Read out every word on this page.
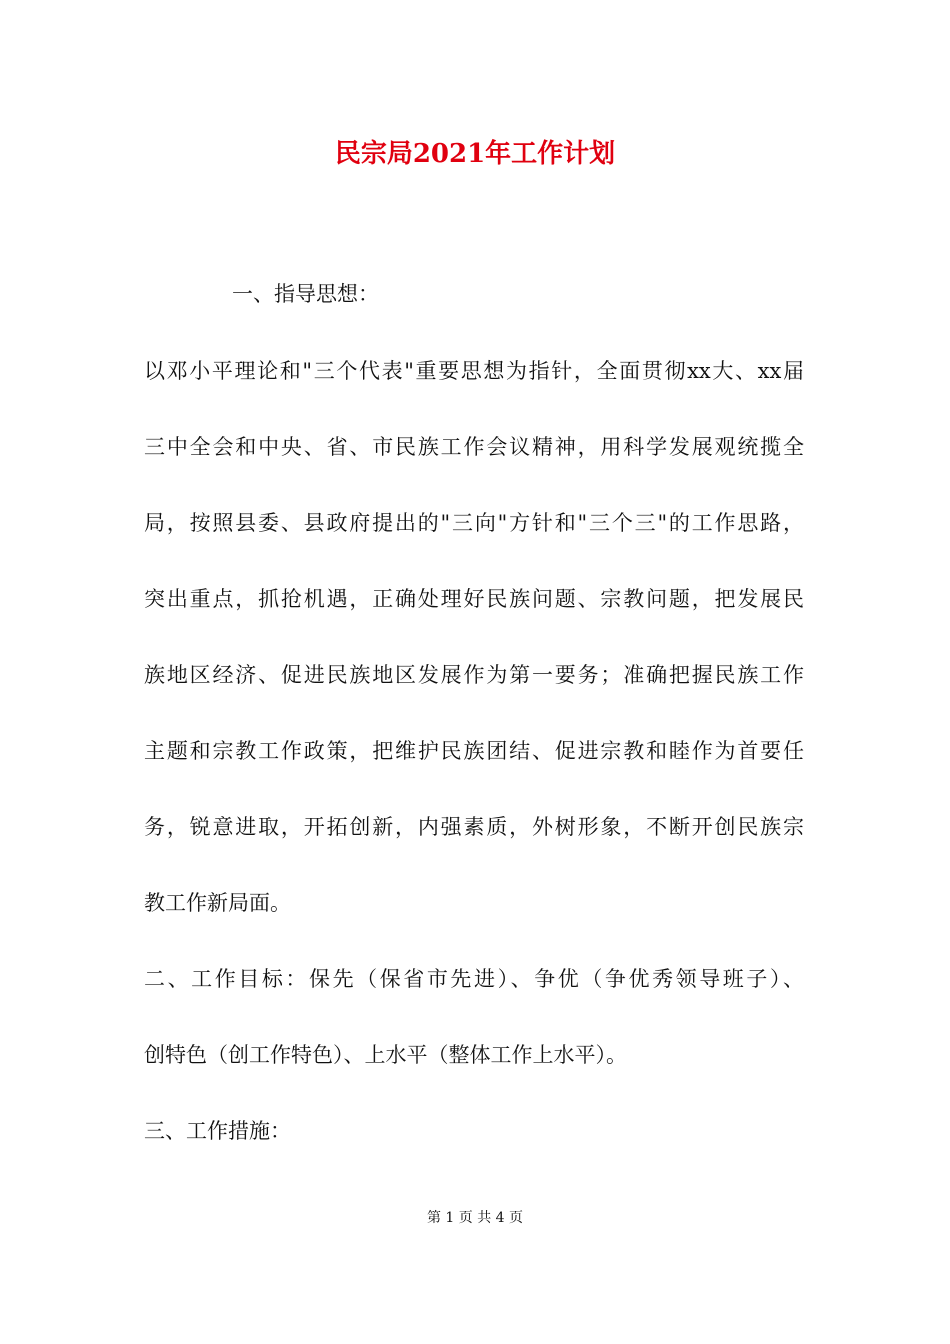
民宗局2021年工作计划
一、指导思想：
以邓小平理论和"三个代表"重要思想为指针，全面贯彻xx大、xx届
三中全会和中央、省、市民族工作会议精神，用科学发展观统揽全
局，按照县委、县政府提出的"三向"方针和"三个三"的工作思路，
突出重点，抓抢机遇，正确处理好民族问题、宗教问题，把发展民
族地区经济、促进民族地区发展作为第一要务；准确把握民族工作
主题和宗教工作政策，把维护民族团结、促进宗教和睦作为首要任
务，锐意进取，开拓创新，内强素质，外树形象，不断开创民族宗
教工作新局面。
二、工作目标：保先（保省市先进）、争优（争优秀领导班子）、
创特色（创工作特色）、上水平（整体工作上水平）。
三、工作措施：
第 1 页 共 4 页
